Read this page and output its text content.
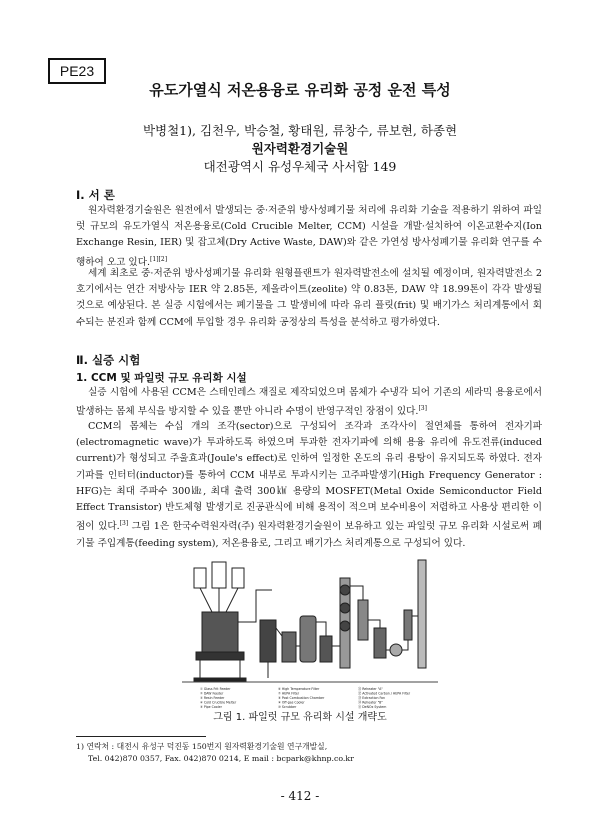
PE23
유도가열식 저온용융로 유리화 공정 운전 특성
박병철1), 김천우, 박승철, 황태원, 류창수, 류보현, 하종현
원자력환경기술원
대전광역시 유성우체국 사서함 149
Ⅰ. 서 론

원자력환경기술원은 원전에서 발생되는 중·저준위 방사성폐기물 처리에 유리화 기술을 적용하기 위하여 파일럿 규모의 유도가열식 저온용융로(Cold Crucible Melter, CCM) 시설을 개발·설치하여 이온교환수지(Ion Exchange Resin, IER) 및 잡고체(Dry Active Waste, DAW)와 같은 가연성 방사성폐기물 유리화 연구를 수행하여 오고 있다.[1][2]

세계 최초로 중·저준위 방사성폐기물 유리화 원형플랜트가 원자력발전소에 설치될 예정이며, 원자력발전소 2호기에서는 연간 저방사능 IER 약 2.85톤, 제올라이트(zeolite) 약 0.83톤, DAW 약 18.99톤이 각각 발생될 것으로 예상된다. 본 실증 시험에서는 폐기물을 그 발생비에 따라 유리 플릿(frit) 및 배기가스 처리계통에서 회수되는 분진과 함께 CCM에 투입할 경우 유리화 공정상의 특성을 분석하고 평가하였다.

Ⅱ. 실증 시험
1. CCM 및 파일럿 규모 유리화 시설

실증 시험에 사용된 CCM은 스테인레스 재질로 제작되었으며 몸체가 수냉각 되어 기존의 세라믹 용융로에서 발생하는 몸체 부식을 방지할 수 있을 뿐만 아니라 수명이 반영구적인 장점이 있다.[3]

CCM의 몸체는 수십 개의 조각(sector)으로 구성되어 조각과 조각사이 절연체를 통하여 전자기파(electromagnetic wave)가 투과하도록 하였으며 투과한 전자기파에 의해 용융 유리에 유도전류(induced current)가 형성되고 주울효과(Joule's effect)로 인하여 일정한 온도의 유리 용탕이 유지되도록 하였다. 전자기파를 인터터(inductor)를 통하여 CCM 내부로 투과시키는 고주파발생기(High Frequency Generator : HFG)는 최대 주파수 300㎑, 최대 출력 300㎾ 용량의 MOSFET(Metal Oxide Semiconductor Field Effect Transistor) 반도체형 발생기로 진공관식에 비해 용적이 적으며 보수비용이 저렴하고 사용상 편리한 이점이 있다.[3] 그림 1은 한국수력원자력(주) 원자력환경기술원이 보유하고 있는 파일럿 규모 유리화 시설로써 폐기물 주입계통(feeding system), 저온용융로, 그리고 배기가스 처리계통으로 구성되어 있다.

① Glass Frit Feeder
② DAW Feeder
③ Resin Feeder
④ Cold Crucible Melter
⑤ Pipe Cooler
⑥ High Temperature Filter
⑦ HEPA Filter
⑧ Post Combustion Chamber
⑨ Off-gas Cooler
⑩ Scrubber
⑪ Reheater "A"
⑫ Activated Carbon / HEPA Filter
⑬ Extraction Fan
⑭ Reheater "B"
⑮ DeNOx System
그림 1. 파일럿 규모 유리화 시설 개략도
1) 연락처 : 대전시 유성구 덕진동 150번지 원자력환경기술원 연구개발실,
Tel. 042)870 0357, Fax. 042)870 0214, E mail : bcpark@khnp.co.kr
- 412 -
